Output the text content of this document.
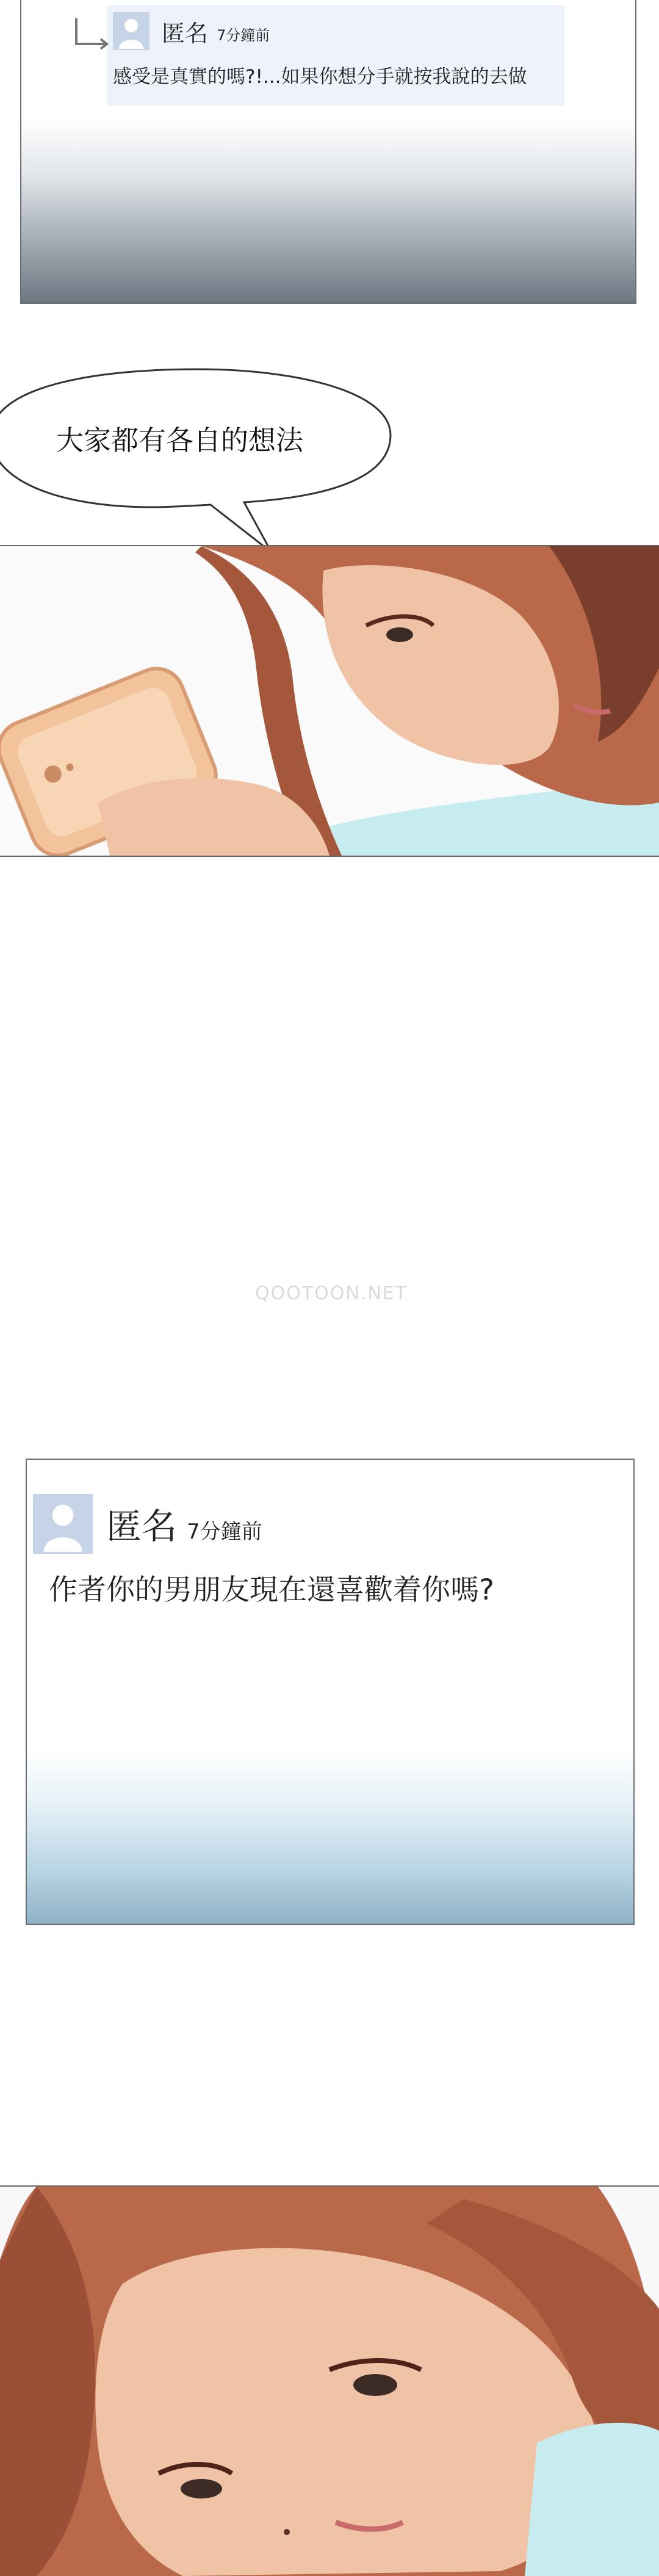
匿名 7分鐘前
感受是真實的嗎?!...如果你想分手就按我說的去做
大家都有各自的想法
QOOTOON.NET
匿名 7分鐘前
作者你的男朋友現在還喜歡着你嗎?
